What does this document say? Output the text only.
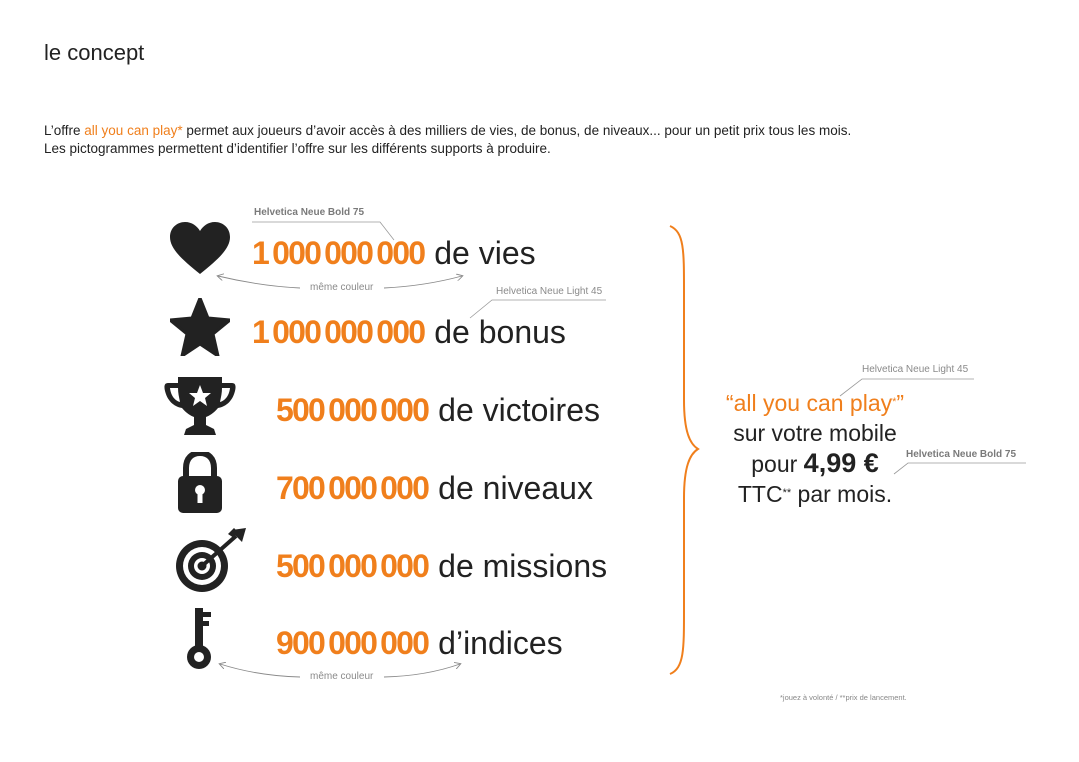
le concept
L’offre all you can play* permet aux joueurs d’avoir accès à des milliers de vies, de bonus, de niveaux... pour un petit prix tous les mois.
Les pictogrammes permettent d’identifier l’offre sur les différents supports à produire.
Helvetica Neue Bold 75
Helvetica Neue Light 45
même couleur
même couleur
Helvetica Neue Light 45
Helvetica Neue Bold 75
1 000 000 000 de vies
1 000 000 000 de bonus
500 000 000 de victoires
700 000 000 de niveaux
500 000 000 de missions
900 000 000 d’indices
“all you can play*”
sur votre mobile
pour 4,99 €
TTC** par mois.
*jouez à volonté / **prix de lancement.
